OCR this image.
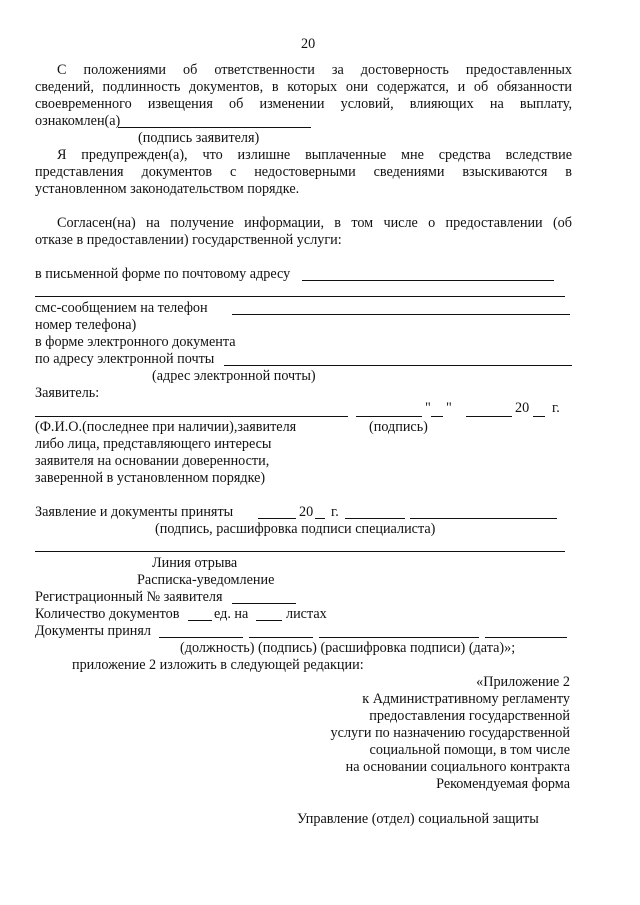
20
С положениями об ответственности за достоверность предоставленных
сведений, подлинность документов, в которых они содержатся, и об обязанности
своевременного извещения об изменении условий, влияющих на выплату,
ознакомлен(а)
(подпись заявителя)
Я предупрежден(а), что излишне выплаченные мне средства вследствие
представления документов с недостоверными сведениями взыскиваются в
установленном законодательством порядке.
Согласен(на) на получение информации, в том числе о предоставлении (об
отказе в предоставлении) государственной услуги:
в письменной форме по почтовому адресу
смс-сообщением на телефон
номер телефона)
в форме электронного документа
по адресу электронной почты
(адрес электронной почты)
Заявитель:
" "	20 г.
(Ф.И.О.(последнее при наличии),заявителя	(подпись)
либо лица, представляющего интересы
заявителя на основании доверенности,
заверенной в установленном порядке)
Заявление и документы приняты	20 г.
(подпись, расшифровка подписи специалиста)
Линия отрыва
Расписка-уведомление
Регистрационный № заявителя
Количество документов ед. на	листах
Документы принял
(должность) (подпись) (расшифровка подписи) (дата)»;
приложение 2 изложить в следующей редакции:
«Приложение 2
к Административному регламенту
предоставления государственной
услуги по назначению государственной
социальной помощи, в том числе
на основании социального контракта
Рекомендуемая форма
Управление (отдел) социальной защиты
